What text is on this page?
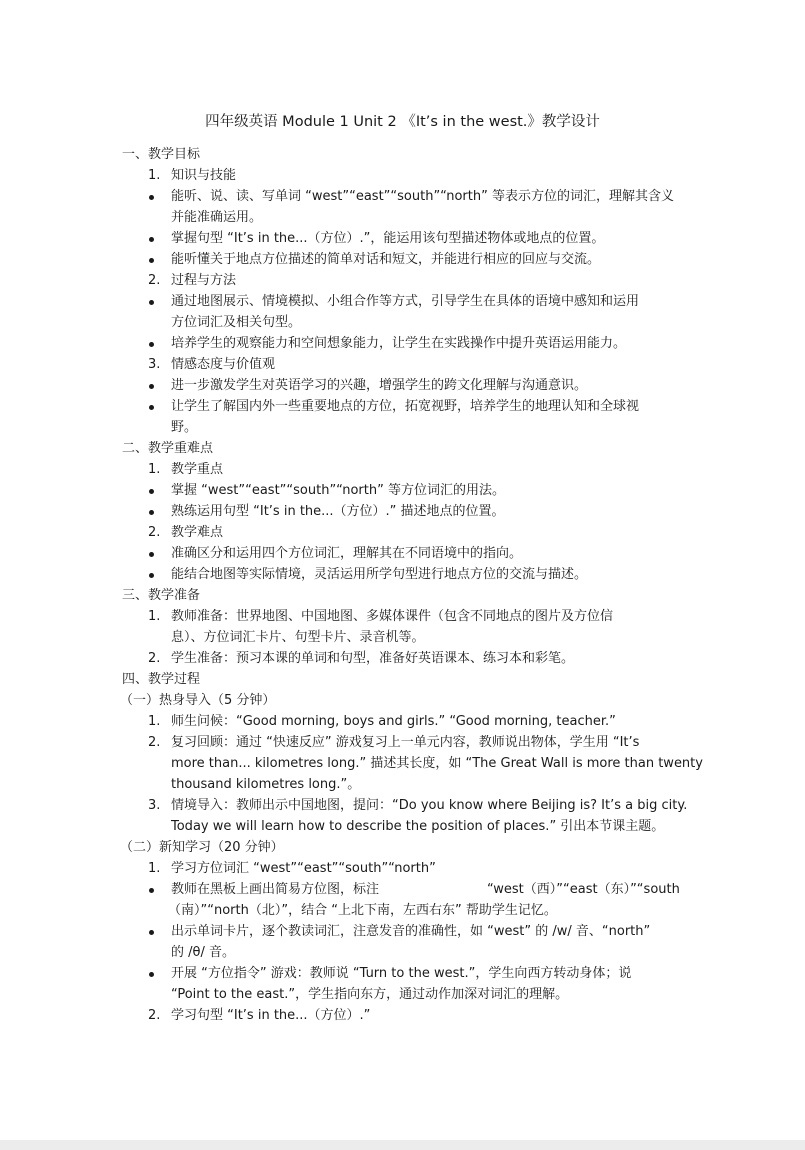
四年级英语 Module 1 Unit 2 《It’s in the west.》教学设计
一、教学目标
1. 知识与技能
能听、说、读、写单词 “west”“east”“south”“north” 等表示方位的词汇，理解其含义
并能准确运用。
掌握句型 “It’s in the...（方位）.”，能运用该句型描述物体或地点的位置。
能听懂关于地点方位描述的简单对话和短文，并能进行相应的回应与交流。
2. 过程与方法
通过地图展示、情境模拟、小组合作等方式，引导学生在具体的语境中感知和运用
方位词汇及相关句型。
培养学生的观察能力和空间想象能力，让学生在实践操作中提升英语运用能力。
3. 情感态度与价值观
进一步激发学生对英语学习的兴趣，增强学生的跨文化理解与沟通意识。
让学生了解国内外一些重要地点的方位，拓宽视野，培养学生的地理认知和全球视
野。
二、教学重难点
1. 教学重点
掌握 “west”“east”“south”“north” 等方位词汇的用法。
熟练运用句型 “It’s in the...（方位）.” 描述地点的位置。
2. 教学难点
准确区分和运用四个方位词汇，理解其在不同语境中的指向。
能结合地图等实际情境，灵活运用所学句型进行地点方位的交流与描述。
三、教学准备
1. 教师准备：世界地图、中国地图、多媒体课件（包含不同地点的图片及方位信
息）、方位词汇卡片、句型卡片、录音机等。
2. 学生准备：预习本课的单词和句型，准备好英语课本、练习本和彩笔。
四、教学过程
（一）热身导入（5 分钟）
1. 师生问候：“Good morning, boys and girls.” “Good morning, teacher.”
2. 复习回顾：通过 “快速反应” 游戏复习上一单元内容，教师说出物体，学生用 “It’s
more than... kilometres long.” 描述其长度，如 “The Great Wall is more than twenty
thousand kilometres long.”。
3. 情境导入：教师出示中国地图，提问：“Do you know where Beijing is? It’s a big city.
Today we will learn how to describe the position of places.” 引出本节课主题。
（二）新知学习（20 分钟）
1. 学习方位词汇 “west”“east”“south”“north”
教师在黑板上画出简易方位图，标注	“west（西）”“east（东）”“south
（南）”“north（北）”，结合 “上北下南，左西右东” 帮助学生记忆。
出示单词卡片，逐个教读词汇，注意发音的准确性，如 “west” 的 /w/ 音、“north”
的 /θ/ 音。
开展 “方位指令” 游戏：教师说 “Turn to the west.”，学生向西方转动身体；说
“Point to the east.”，学生指向东方，通过动作加深对词汇的理解。
2. 学习句型 “It’s in the...（方位）.”
